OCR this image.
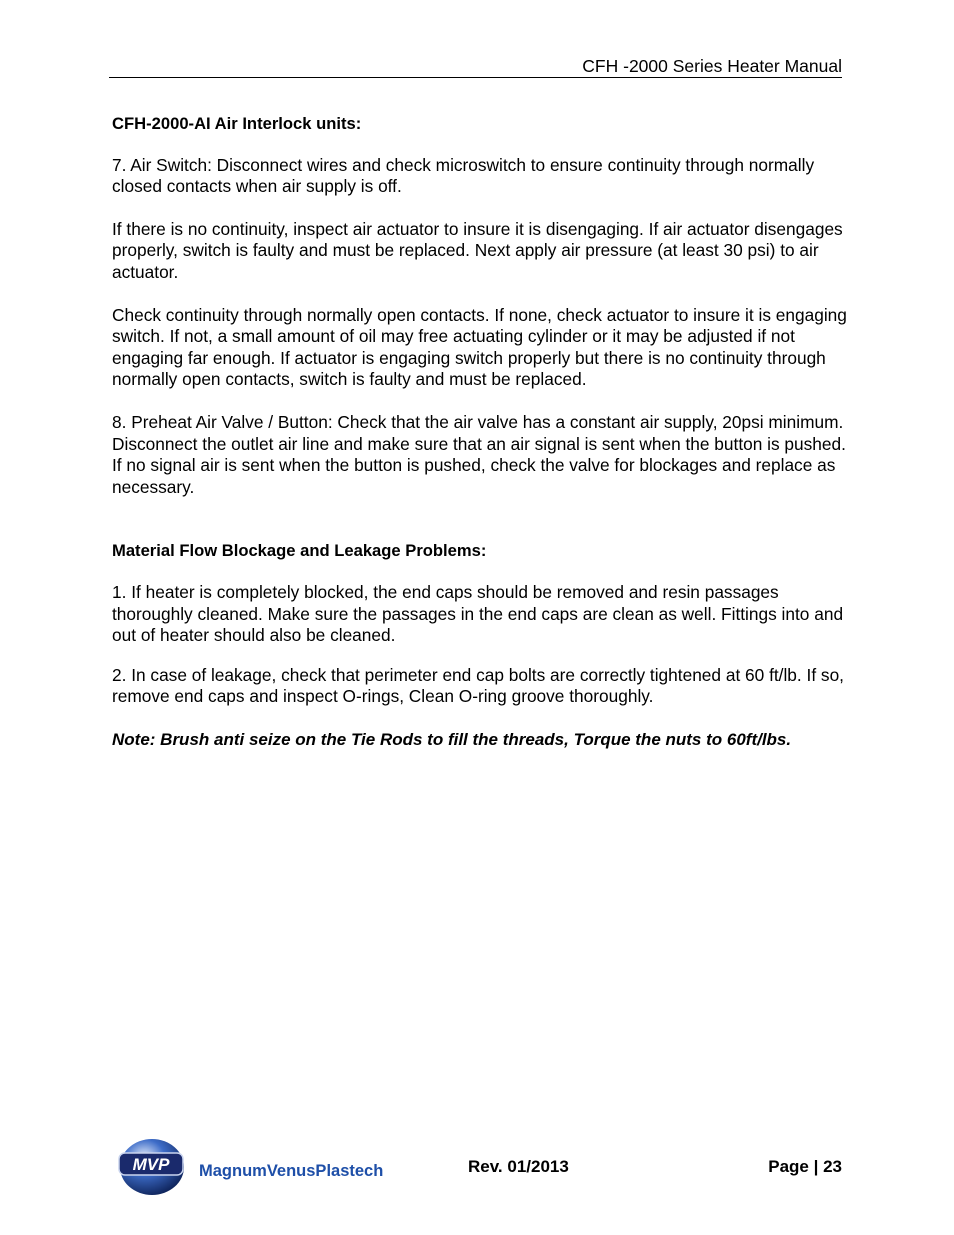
CFH -2000 Series Heater Manual

CFH-2000-AI Air Interlock units:

7. Air Switch: Disconnect wires and check microswitch to ensure continuity through normally closed contacts when air supply is off.

If there is no continuity, inspect air actuator to insure it is disengaging. If air actuator disengages properly, switch is faulty and must be replaced. Next apply air pressure (at least 30 psi) to air actuator.

Check continuity through normally open contacts. If none, check actuator to insure it is engaging switch. If not, a small amount of oil may free actuating cylinder or it may be adjusted if not engaging far enough. If actuator is engaging switch properly but there is no continuity through normally open contacts, switch is faulty and must be replaced.

8. Preheat Air Valve / Button: Check that the air valve has a constant air supply, 20psi minimum. Disconnect the outlet air line and make sure that an air signal is sent when the button is pushed. If no signal air is sent when the button is pushed, check the valve for blockages and replace as necessary.

Material Flow Blockage and Leakage Problems:

1. If heater is completely blocked, the end caps should be removed and resin passages thoroughly cleaned. Make sure the passages in the end caps are clean as well. Fittings into and out of heater should also be cleaned.

2. In case of leakage, check that perimeter end cap bolts are correctly tightened at 60 ft/lb. If so, remove end caps and inspect O-rings, Clean O-ring groove thoroughly.

Note: Brush anti seize on the Tie Rods to fill the threads, Torque the nuts to 60ft/lbs.

MVP MagnumVenusPlastech	Rev. 01/2013	Page | 23
